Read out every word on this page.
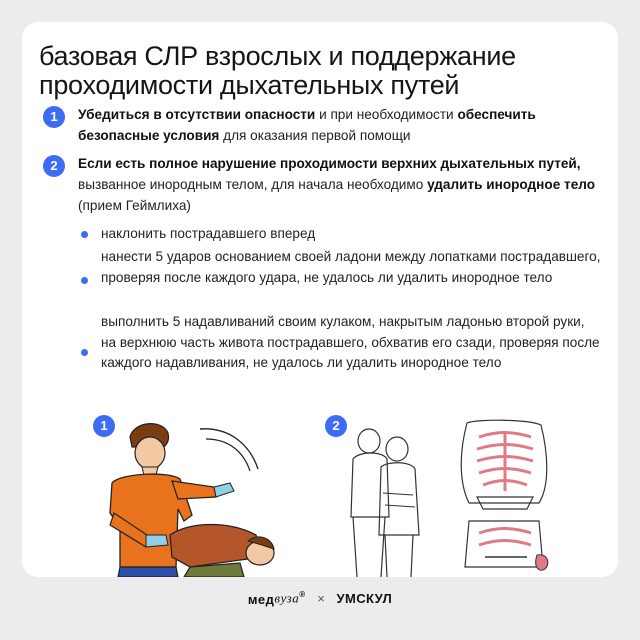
базовая СЛР взрослых и поддержание проходимости дыхательных путей
1	Убедиться в отсутствии опасности и при необходимости обеспечить безопасные условия для оказания первой помощи
2	Если есть полное нарушение проходимости верхних дыхательных путей, вызванное инородным телом, для начала необходимо удалить инородное тело (прием Геймлиха)
наклонить пострадавшего вперед
нанести 5 ударов основанием своей ладони между лопатками пострадавшего, проверяя после каждого удара, не удалось ли удалить инородное тело
выполнить 5 надавливаний своим кулаком, накрытым ладонью второй руки, на верхнюю часть живота пострадавшего, обхватив его сзади, проверяя после каждого надавливания, не удалось ли удалить инородное тело
1	2
медвуза® × УМСКУЛ
